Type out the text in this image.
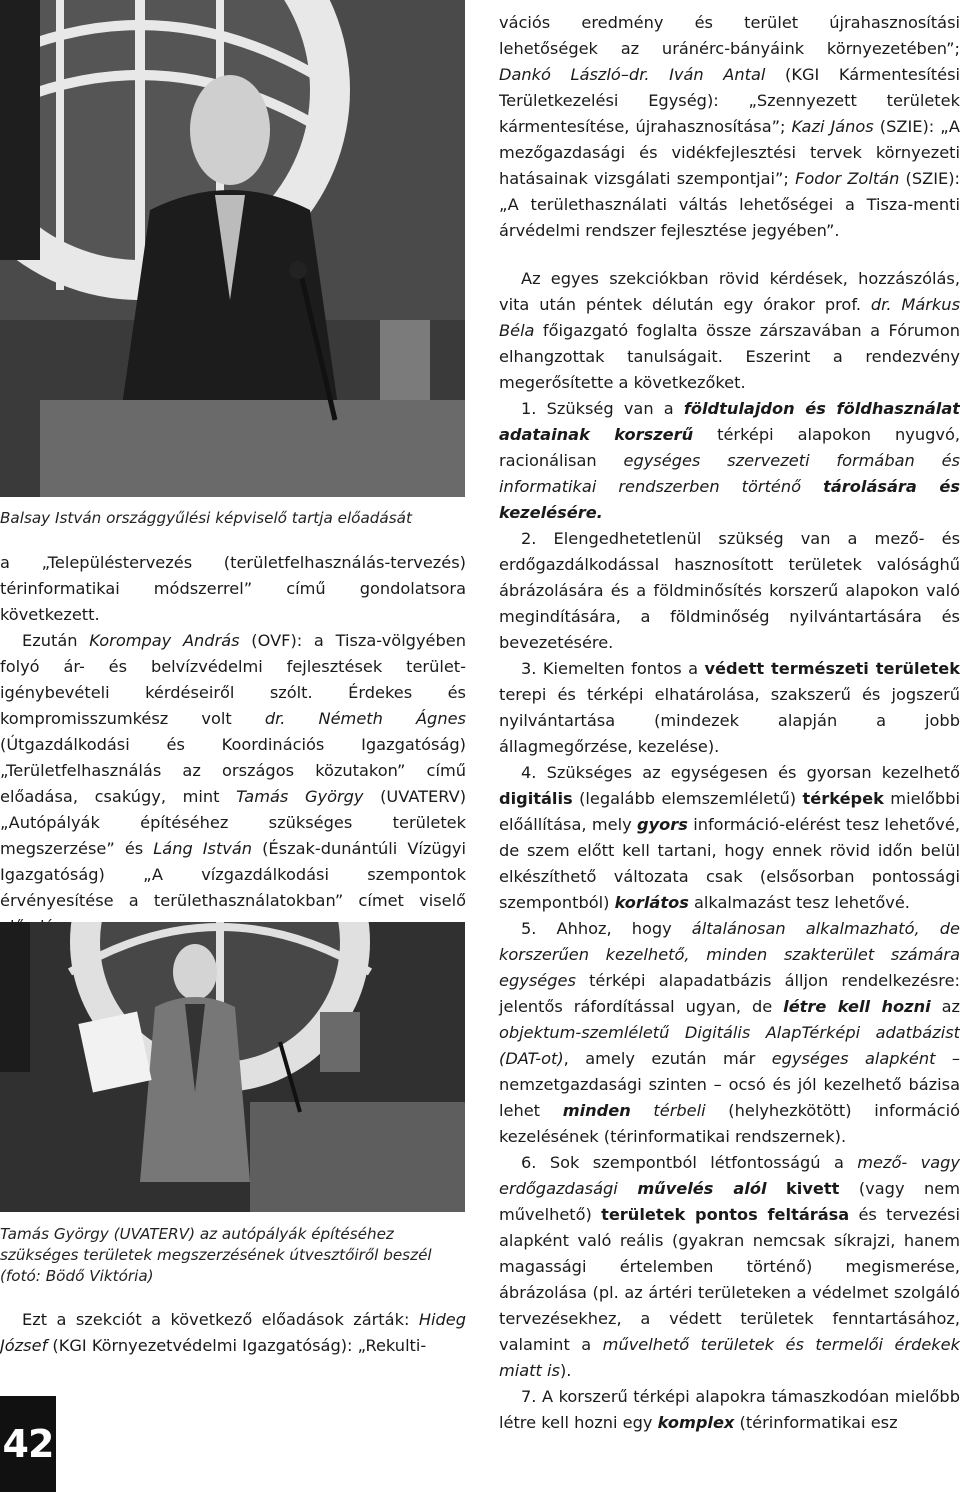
Balsay István országgyűlési képviselő tartja előadását

a „Településtervezés (területfelhasználás-tervezés) térinformatikai módszerrel” című gondolatsora következett.

Ezután Korompay András (OVF): a Tisza-völgyében folyó ár- és belvízvédelmi fejlesztések terület-igénybevételi kérdéseiről szólt. Érdekes és kompromisszumkész volt dr. Németh Ágnes (Útgazdálkodási és Koordinációs Igazgatóság) „Területfelhasználás az országos közutakon” című előadása, csakúgy, mint Tamás György (UVATERV) „Autópályák építéséhez szükséges területek megszerzése” és Láng István (Észak-dunántúli Vízügyi Igazgatóság) „A vízgazdálkodási szempontok érvényesítése a területhasználatokban” címet viselő

Tamás György (UVATERV) az autópályák építéséhez szükséges területek megszerzésének útvesztőiről beszél (fotó: Bödő Viktória)

Ezt a szekciót a következő előadások zárták: Hideg József (KGI Környezetvédelmi Igazgatóság): „Rekulti-

vációs eredmény és terület újrahasznosítási lehetőségek az uránérc-bányáink környezetében”; Dankó László–dr. Iván Antal (KGI Kármentesítési Területkezelési Egység): „Szennyezett területek kármentesítése, újrahasznosítása”; Kazi János (SZIE): „A mezőgazdasági és vidékfejlesztési tervek környezeti hatásainak vizsgálati szempontjai”; Fodor Zoltán (SZIE): „A területhasználati váltás lehetőségei a Tisza-menti árvédelmi rendszer fejlesztése jegyében”.

Az egyes szekciókban rövid kérdések, hozzászólás, vita után péntek délután egy órakor prof. dr. Márkus Béla főigazgató foglalta össze zárszavában a Fórumon elhangzottak tanulságait. Eszerint a rendezvény megerősítette a következőket.

1. Szükség van a földtulajdon és földhasználat adatainak korszerű térképi alapokon nyugvó, racionálisan egységes szervezeti formában és informatikai rendszerben történő tárolására és kezelésére.

2. Elengedhetetlenül szükség van a mező- és erdőgazdálkodással hasznosított területek valósághű ábrázolására és a földminősítés korszerű alapokon való megindítására, a földminőség nyilvántartására és bevezetésére.

3. Kiemelten fontos a védett természeti területek terepi és térképi elhatárolása, szakszerű és jogszerű nyilvántartása (mindezek alapján a jobb állagmegőrzése, kezelése).

4. Szükséges az egységesen és gyorsan kezelhető digitális (legalább elemszemléletű) térképek mielőbbi előállítása, mely gyors információ-elérést tesz lehetővé, de szem előtt kell tartani, hogy ennek rövid időn belül elkészíthető változata csak (elsősorban pontossági szempontból) korlátos alkalmazást tesz lehetővé.

5. Ahhoz, hogy általánosan alkalmazható, de korszerűen kezelhető, minden szakterület számára egységes térképi alapadatbázis álljon rendelkezésre: jelentős ráfordítással ugyan, de létre kell hozni az objektum-szemléletű Digitális AlapTérképi adatbázist (DAT-ot), amely ezután már egységes alapként – nemzetgazdasági szinten – ocsó és jól kezelhető bázisa lehet minden térbeli (helyhezkötött) információ kezelésének (térinformatikai rendszernek).

6. Sok szempontból létfontosságú a mező- vagy erdőgazdasági művelés alól kivett (vagy nem művelhető) területek pontos feltárása és tervezési alapként való reális (gyakran nemcsak síkrajzi, hanem magassági értelemben történő) megismerése, ábrázolása (pl. az ártéri területeken a védelmet szolgáló tervezésekhez, a védett területek fenntartásához, valamint a művelhető területek és termelői érdekek miatt is).

7. A korszerű térképi alapokra támaszkodóan mielőbb létre kell hozni egy komplex (térinformatikai esz

42
